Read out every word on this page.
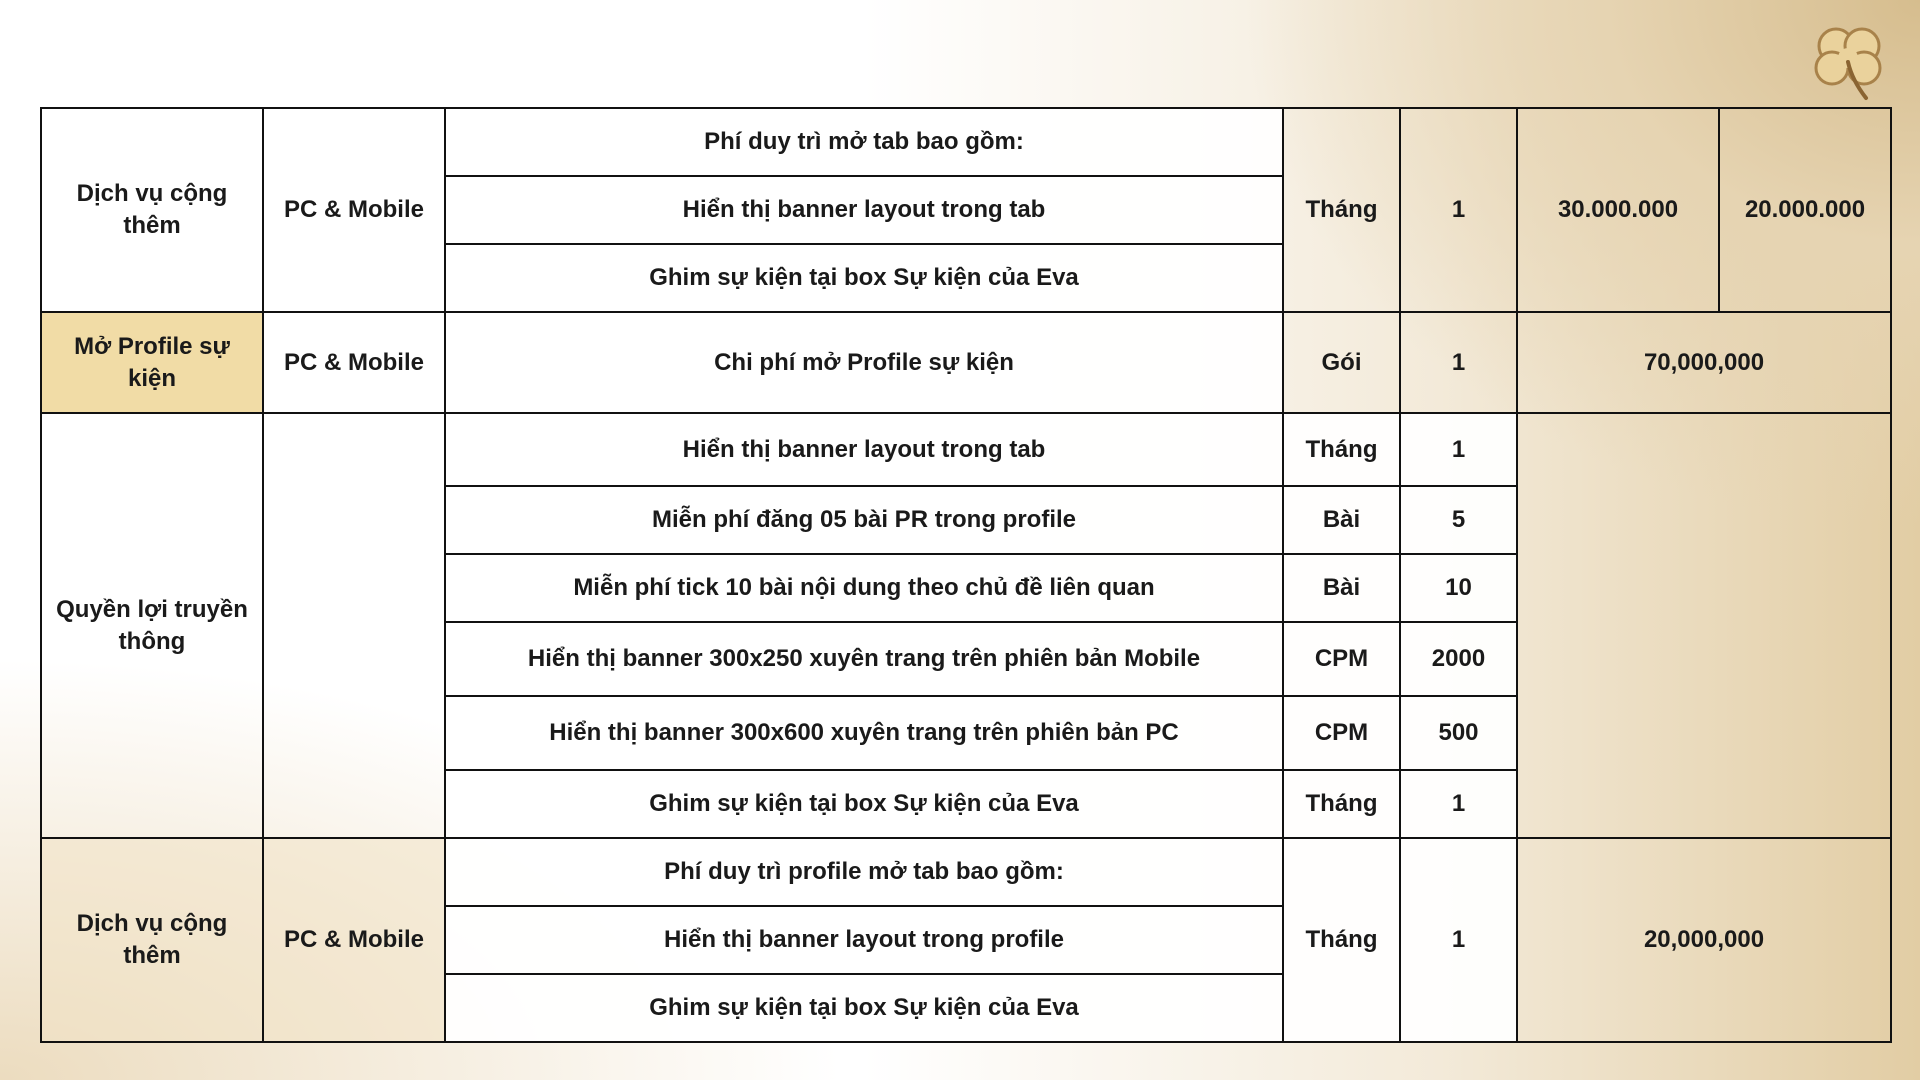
Dịch vụ cộng thêm	PC & Mobile	Phí duy trì mở tab bao gồm:	Tháng	1	30.000.000	20.000.000
		Hiển thị banner layout trong tab				
		Ghim sự kiện tại box Sự kiện của Eva				
Mở Profile sự kiện	PC & Mobile	Chi phí mở Profile sự kiện	Gói	1	70,000,000	
Quyền lợi truyền thông		Hiển thị banner layout trong tab	Tháng	1		
		Miễn phí đăng 05 bài PR trong profile	Bài	5		
		Miễn phí tick 10 bài nội dung theo chủ đề liên quan	Bài	10		
		Hiển thị banner 300x250 xuyên trang trên phiên bản Mobile	CPM	2000		
		Hiển thị banner 300x600 xuyên trang trên phiên bản PC	CPM	500		
		Ghim sự kiện tại box Sự kiện của Eva	Tháng	1		
Dịch vụ cộng thêm	PC & Mobile	Phí duy trì profile mở tab bao gồm:	Tháng	1	20,000,000	
		Hiển thị banner layout trong profile				
		Ghim sự kiện tại box Sự kiện của Eva				
